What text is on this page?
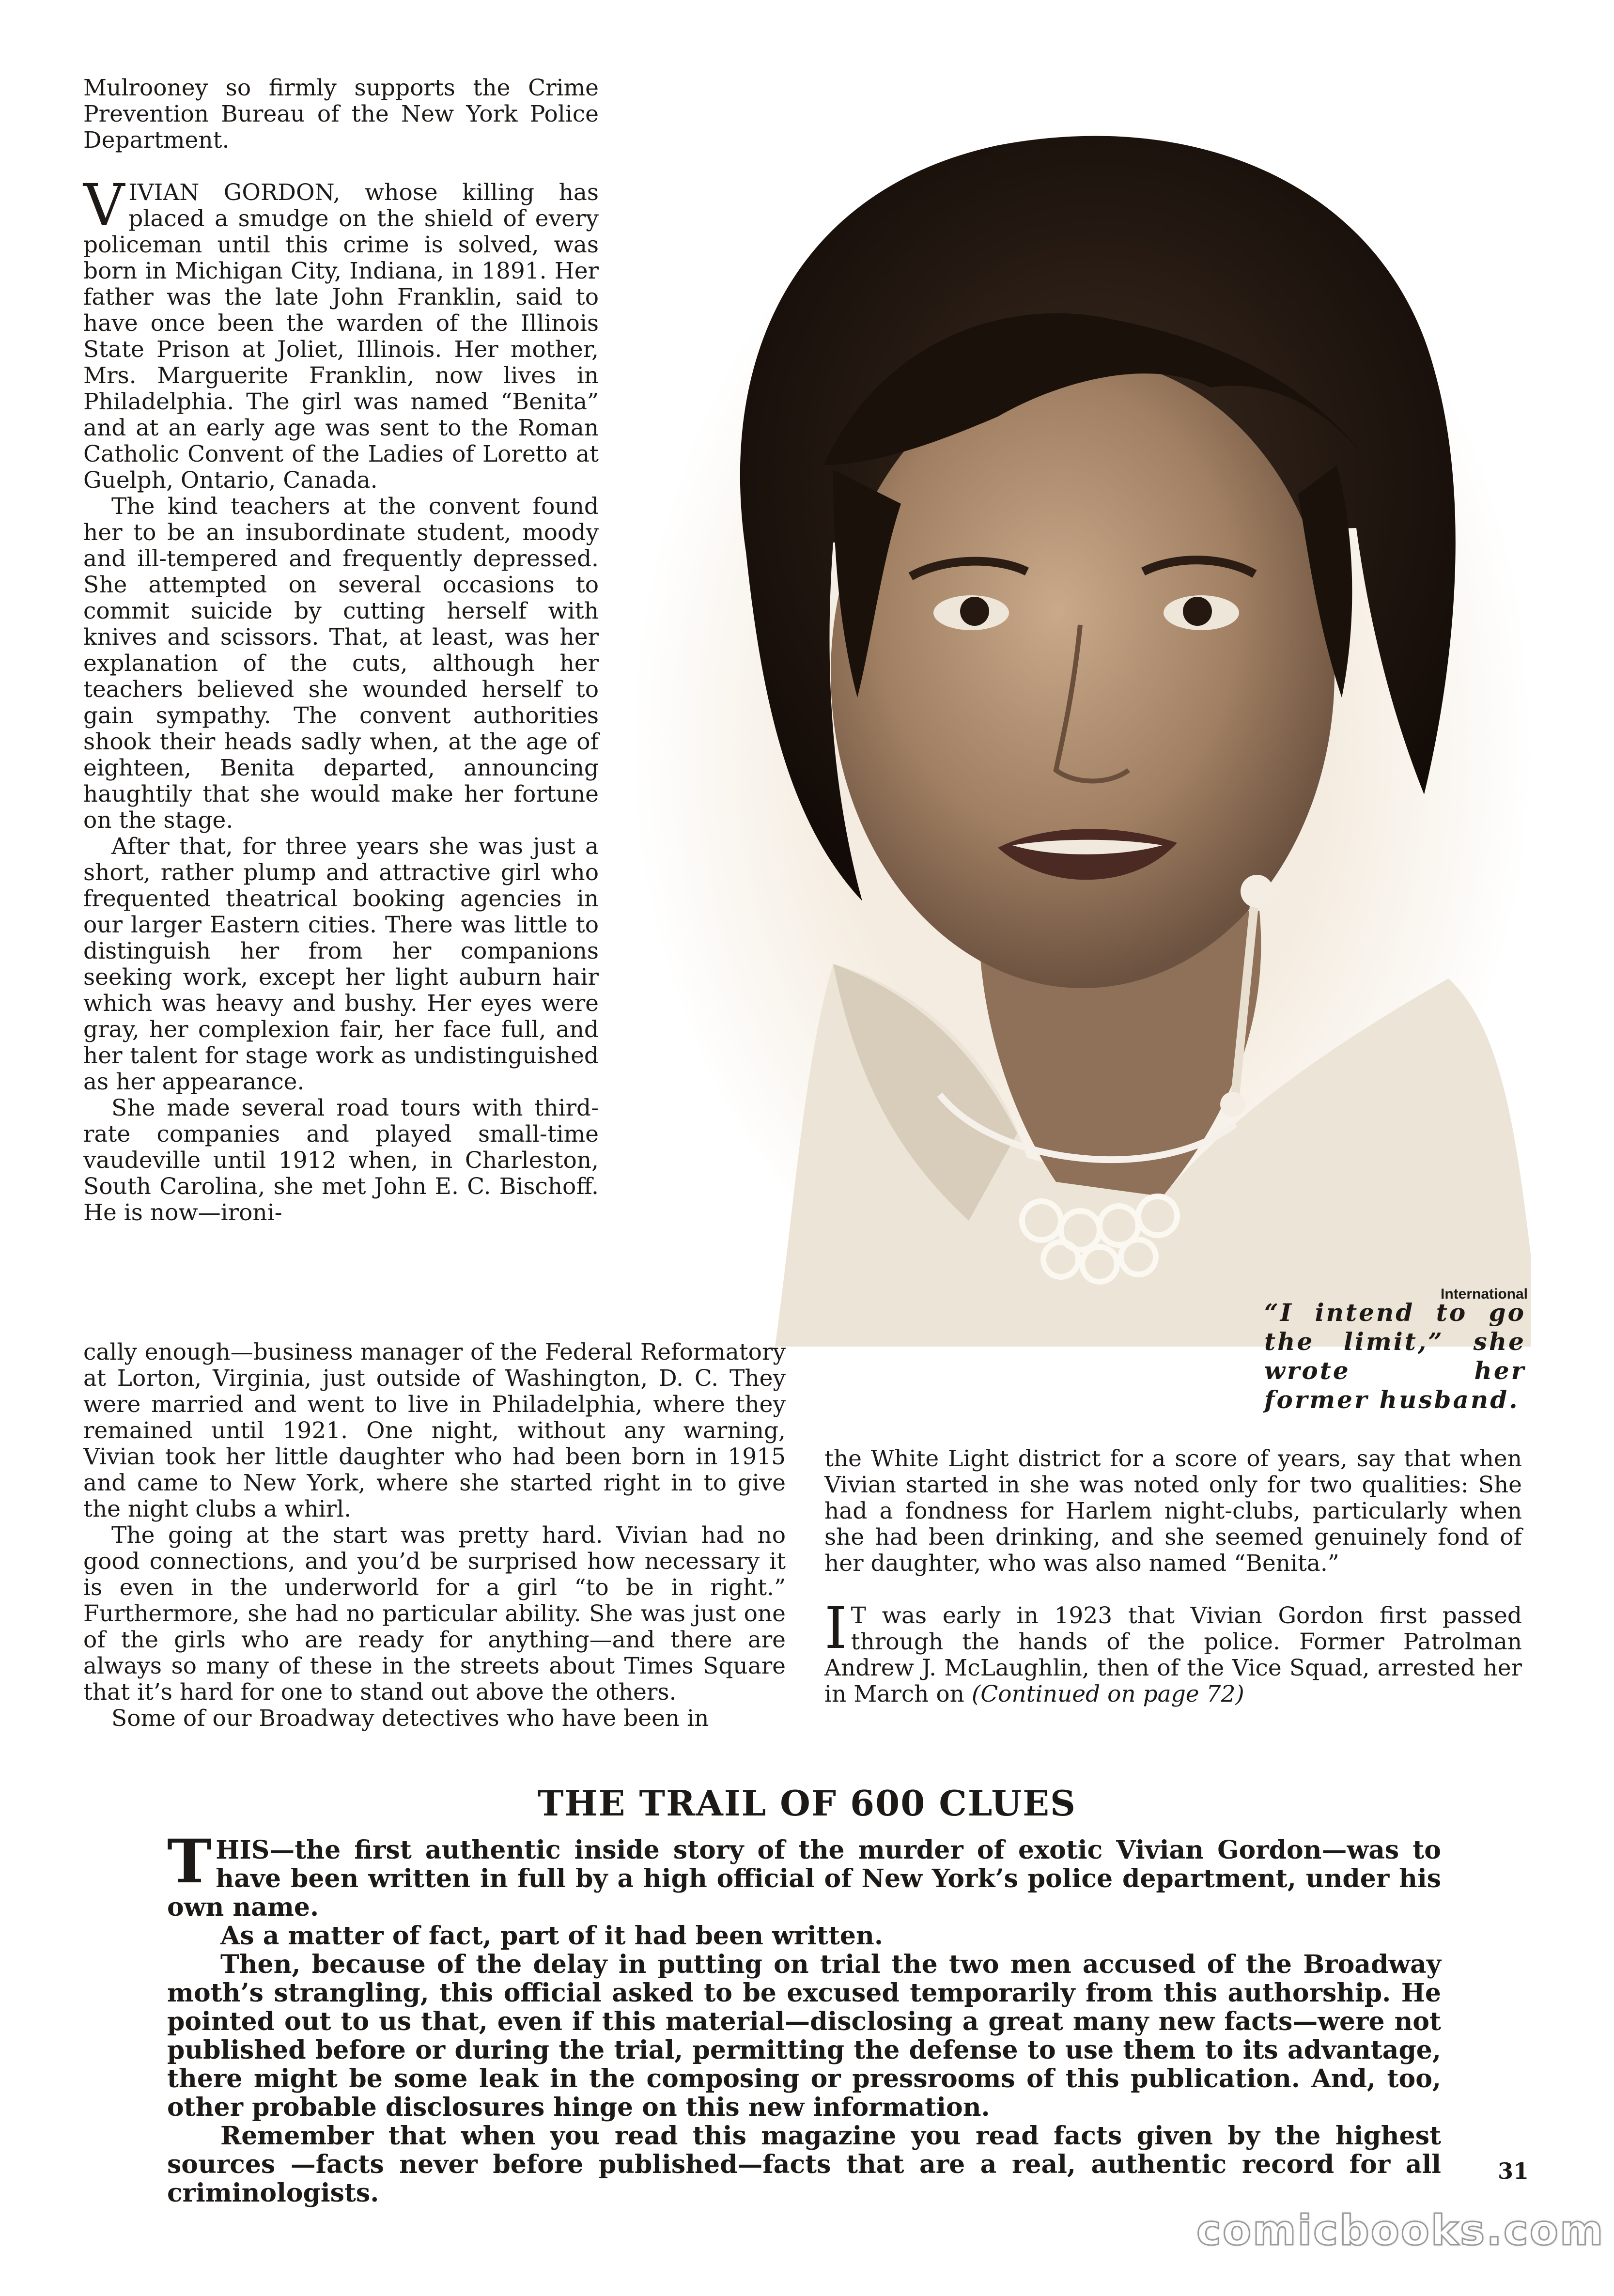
Mulrooney so firmly supports the Crime Prevention Bureau of the New York Police Department.

VIVIAN GORDON, whose killing has placed a smudge on the shield of every policeman until this crime is solved, was born in Michigan City, Indiana, in 1891. Her father was the late John Franklin, said to have once been the warden of the Illinois State Prison at Joliet, Illinois. Her mother, Mrs. Marguerite Franklin, now lives in Philadelphia. The girl was named “Benita” and at an early age was sent to the Roman Catholic Convent of the Ladies of Loretto at Guelph, Ontario, Canada.

The kind teachers at the convent found her to be an insubordinate student, moody and ill-tempered and frequently depressed. She attempted on several occasions to commit suicide by cutting herself with knives and scissors. That, at least, was her explanation of the cuts, although her teachers believed she wounded herself to gain sympathy. The convent authorities shook their heads sadly when, at the age of eighteen, Benita departed, announcing haughtily that she would make her fortune on the stage.

After that, for three years she was just a short, rather plump and attractive girl who frequented theatrical booking agencies in our larger Eastern cities. There was little to distinguish her from her companions seeking work, except her light auburn hair which was heavy and bushy. Her eyes were gray, her complexion fair, her face full, and her talent for stage work as undistinguished as her appearance.

She made several road tours with third-rate companies and played small-time vaudeville until 1912 when, in Charleston, South Carolina, she met John E. C. Bischoff. He is now—ironi-

International
“I intend to go the limit,” she wrote her former husband.

cally enough—business manager of the Federal Reformatory at Lorton, Virginia, just outside of Washington, D. C. They were married and went to live in Philadelphia, where they remained until 1921. One night, without any warning, Vivian took her little daughter who had been born in 1915 and came to New York, where she started right in to give the night clubs a whirl.

The going at the start was pretty hard. Vivian had no good connections, and you’d be surprised how necessary it is even in the underworld for a girl “to be in right.” Furthermore, she had no particular ability. She was just one of the girls who are ready for anything—and there are always so many of these in the streets about Times Square that it’s hard for one to stand out above the others.

Some of our Broadway detectives who have been in

the White Light district for a score of years, say that when Vivian started in she was noted only for two qualities: She had a fondness for Harlem night-clubs, particularly when she had been drinking, and she seemed genuinely fond of her daughter, who was also named “Benita.”

I T was early in 1923 that Vivian Gordon first passed through the hands of the police. Former Patrolman Andrew J. McLaughlin, then of the Vice Squad, arrested her in March on (Continued on page 72)

THE TRAIL OF 600 CLUES

THIS—the first authentic inside story of the murder of exotic Vivian Gordon—was to have been written in full by a high official of New York’s police department, under his own name.

As a matter of fact, part of it had been written.

Then, because of the delay in putting on trial the two men accused of the Broadway moth’s strangling, this official asked to be excused temporarily from this authorship. He pointed out to us that, even if this material—disclosing a great many new facts—were not published before or during the trial, permitting the defense to use them to its advantage, there might be some leak in the composing or pressrooms of this publication. And, too, other probable disclosures hinge on this new information.

Remember that when you read this magazine you read facts given by the highest sources —facts never before published—facts that are a real, authentic record for all criminologists.

31
comicbooks.com
